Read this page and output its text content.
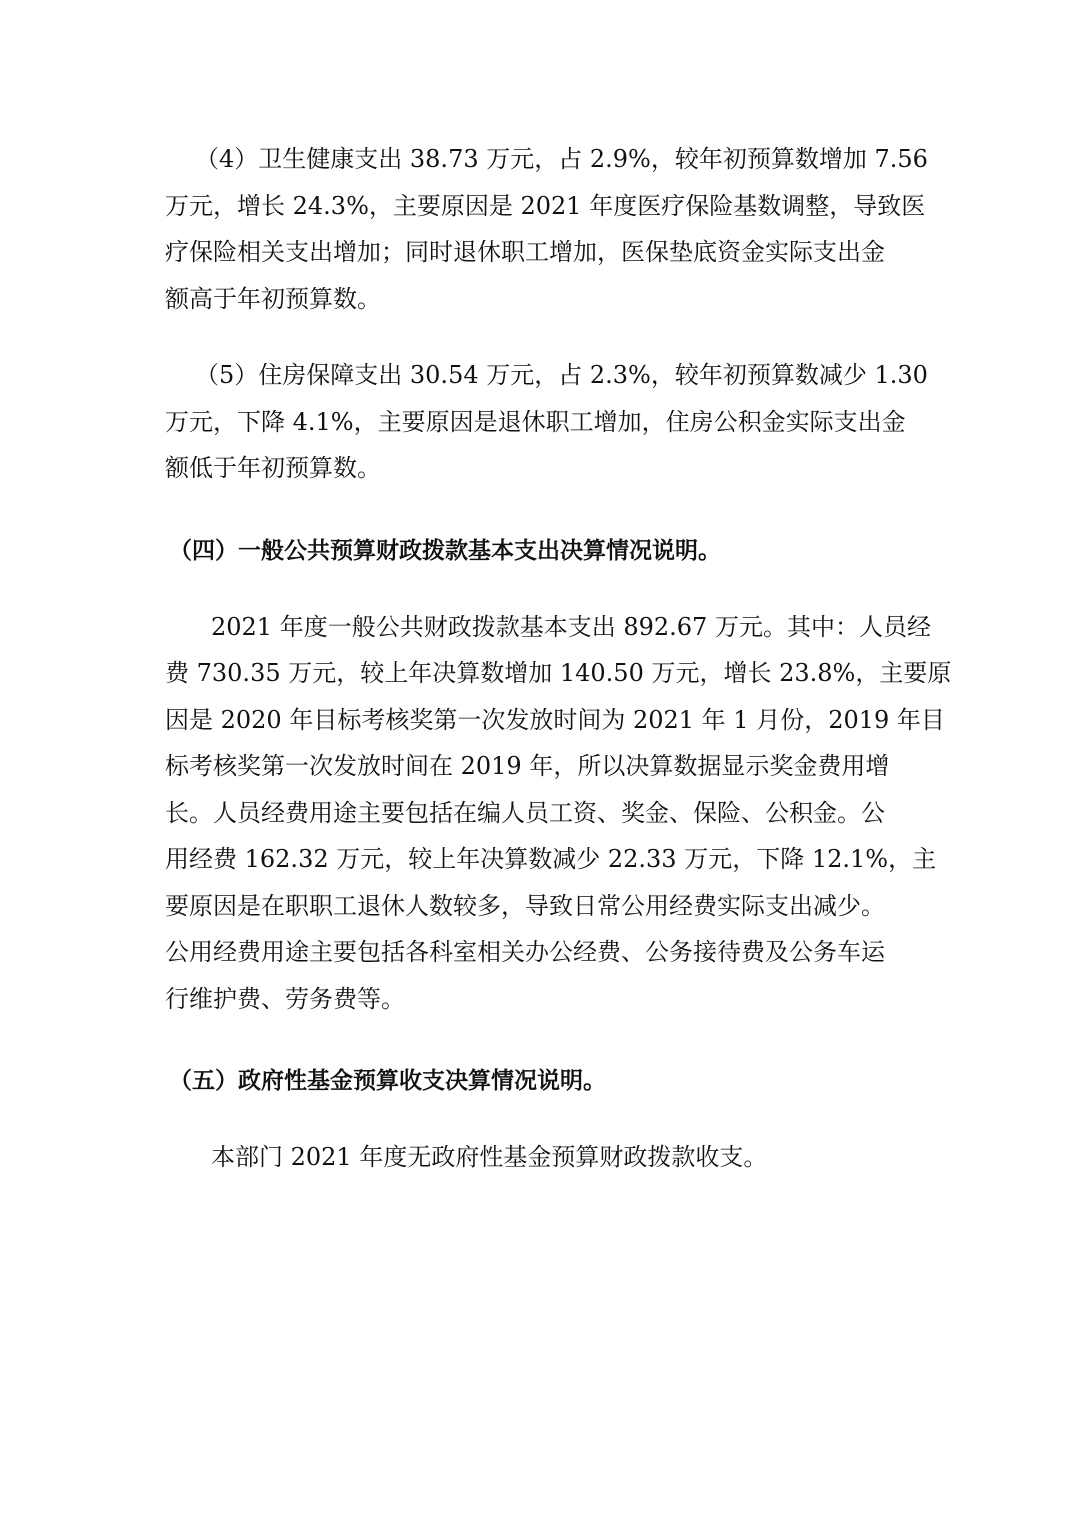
（4）卫生健康支出 38.73 万元，占 2.9%，较年初预算数增加 7.56

万元，增长 24.3%，主要原因是 2021 年度医疗保险基数调整，导致医
疗保险相关支出增加；同时退休职工增加，医保垫底资金实际支出金
额高于年初预算数。

（5）住房保障支出 30.54 万元，占 2.3%，较年初预算数减少 1.30

万元，下降 4.1%，主要原因是退休职工增加，住房公积金实际支出金
额低于年初预算数。

（四）一般公共预算财政拨款基本支出决算情况说明。

2021 年度一般公共财政拨款基本支出 892.67 万元。其中：人员经

费 730.35 万元，较上年决算数增加 140.50 万元，增长 23.8%，主要原
因是 2020 年目标考核奖第一次发放时间为 2021 年 1 月份，2019 年目
标考核奖第一次发放时间在 2019 年，所以决算数据显示奖金费用增
长。人员经费用途主要包括在编人员工资、奖金、保险、公积金。公
用经费 162.32 万元，较上年决算数减少 22.33 万元，下降 12.1%，主
要原因是在职职工退休人数较多，导致日常公用经费实际支出减少。
公用经费用途主要包括各科室相关办公经费、公务接待费及公务车运
行维护费、劳务费等。

（五）政府性基金预算收支决算情况说明。

本部门 2021 年度无政府性基金预算财政拨款收支。
